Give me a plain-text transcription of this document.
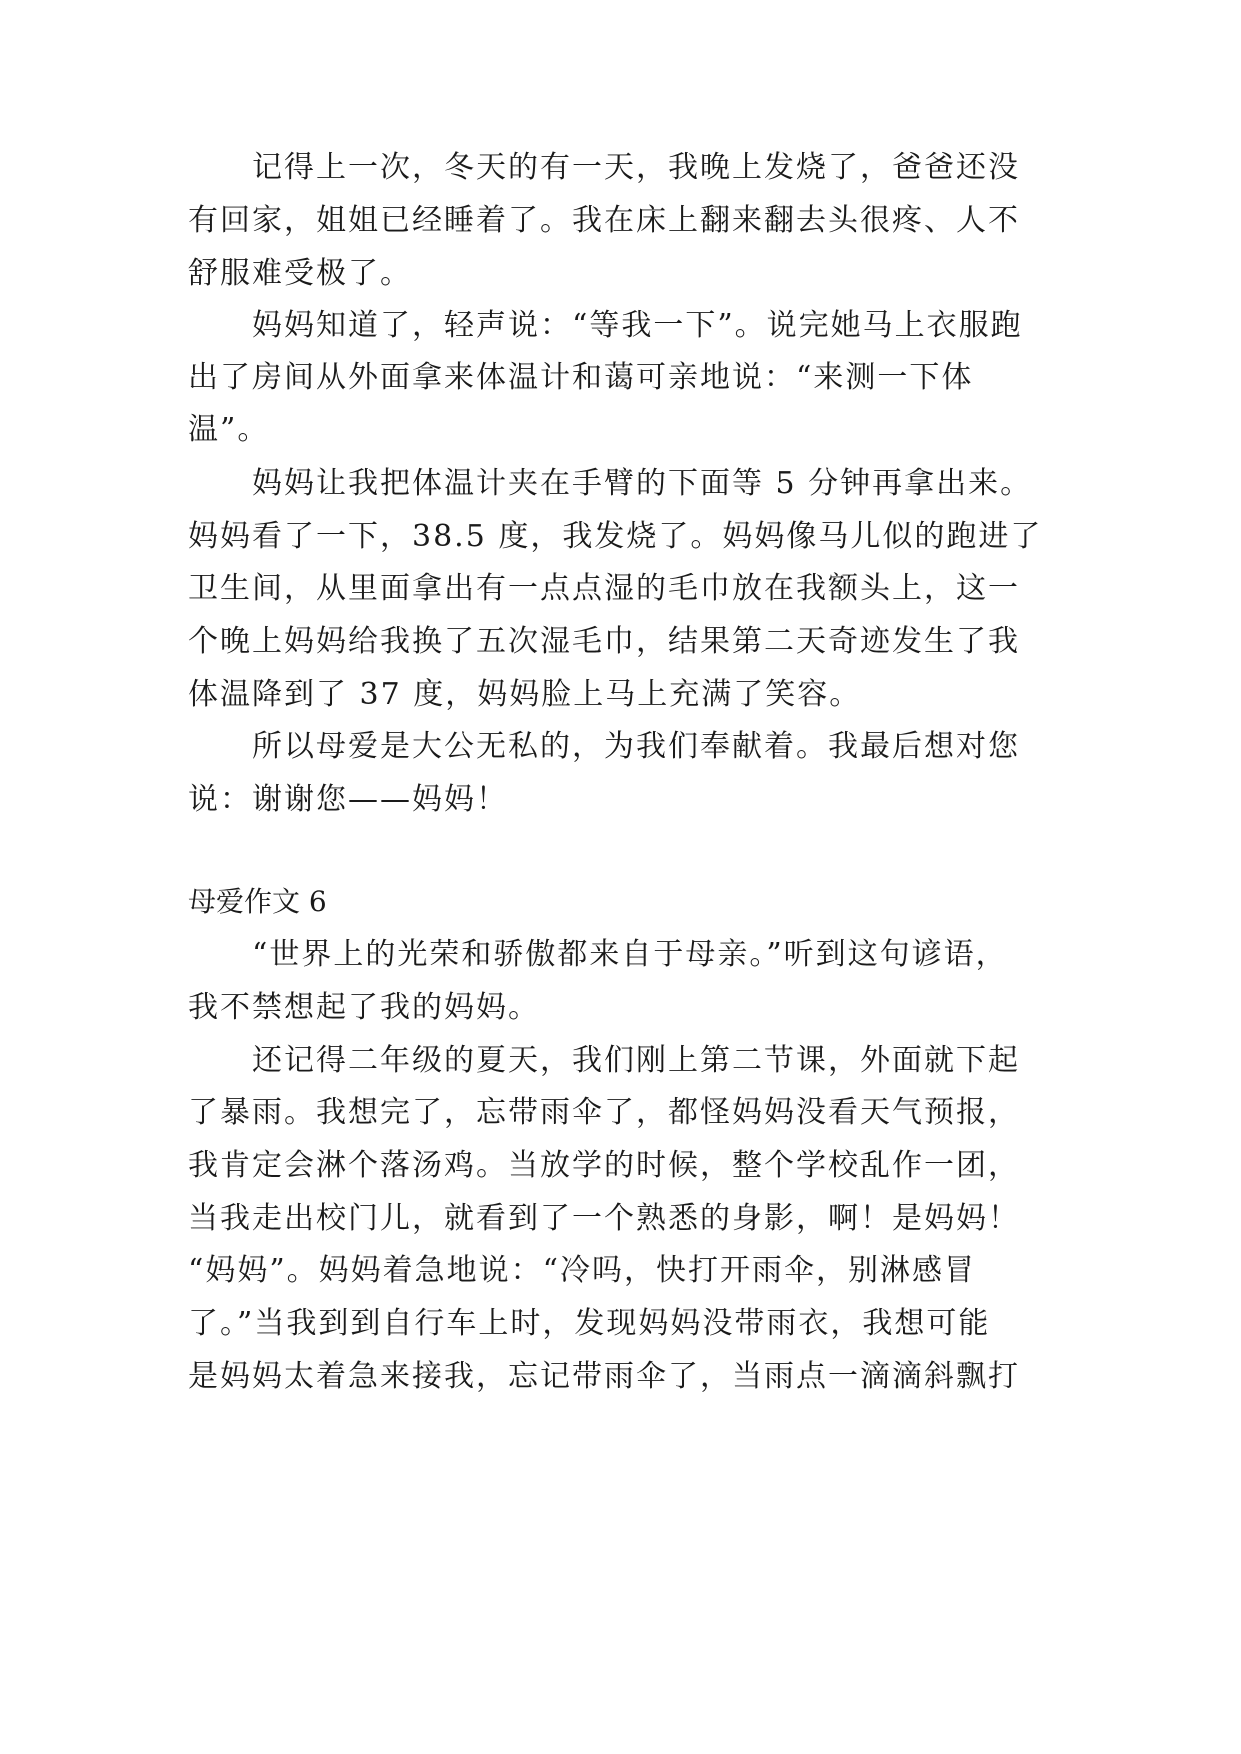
记得上一次，冬天的有一天，我晚上发烧了，爸爸还没

有回家，姐姐已经睡着了。我在床上翻来翻去头很疼、人不

舒服难受极了。

妈妈知道了，轻声说：“等我一下”。说完她马上衣服跑

出了房间从外面拿来体温计和蔼可亲地说：“来测一下体

温”。

妈妈让我把体温计夹在手臂的下面等 5 分钟再拿出来。

妈妈看了一下，38.5 度，我发烧了。妈妈像马儿似的跑进了

卫生间，从里面拿出有一点点湿的毛巾放在我额头上，这一

个晚上妈妈给我换了五次湿毛巾，结果第二天奇迹发生了我

体温降到了 37 度，妈妈脸上马上充满了笑容。

所以母爱是大公无私的，为我们奉献着。我最后想对您

说：谢谢您——妈妈！

母爱作文 6

“世界上的光荣和骄傲都来自于母亲。”听到这句谚语，

我不禁想起了我的妈妈。

还记得二年级的夏天，我们刚上第二节课，外面就下起

了暴雨。我想完了，忘带雨伞了，都怪妈妈没看天气预报，

我肯定会淋个落汤鸡。当放学的时候，整个学校乱作一团，

当我走出校门儿，就看到了一个熟悉的身影，啊！是妈妈！

“妈妈”。妈妈着急地说：“冷吗，快打开雨伞，别淋感冒

了。”当我到到自行车上时，发现妈妈没带雨衣，我想可能

是妈妈太着急来接我，忘记带雨伞了，当雨点一滴滴斜飘打
